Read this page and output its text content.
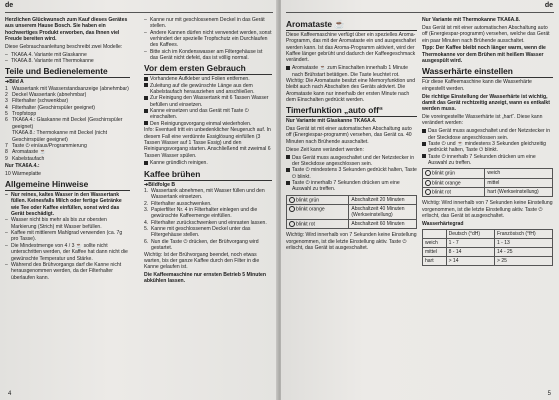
de

Herzlichen Glückwunsch zum Kauf dieses Gerätes aus unserem Hause Bosch. Sie haben ein hochwertiges Produkt erworben, das Ihnen viel Freude bereiten wird.

Diese Gebrauchsanleitung beschreibt zwei Modelle:

– TKA6A.4. Variante mit Glaskanne
– TKA6A.8. Variante mit Thermokanne
Teile und Bedienelemente
➔Bild A
1 Wassertank mit Wasserstandsanzeige (abnehmbar)
2 Deckel Wassertank (abnehmbar)
3 Filterhalter (schwenkbar)
4 Filterhalter (Geschirrspüler geeignet)
5 Tropfstopp
6 TKA6A.4.: Glaskanne mit Deckel (Geschirrspüler geeignet)
TKA6A.8.: Thermokanne mit Deckel (nicht Geschirrspüler geeignet)
7 Taste ⏻ ein/aus/Programmierung
8 Aromataste ☕
9 Kabelstaufach

Nur TKA6A.4.:

10 Wärmeplatte

Allgemeine Hinweise
– Nur reines, kaltes Wasser in den Wassertank füllen. Keinesfalls Milch oder fertige Getränke wie Tee oder Kaffee einfüllen, sonst wird das Gerät beschädigt.
– Wasser nicht bis mehr als bis zur obersten Markierung (Strich) mit Wasser befüllen.
– Kaffee mit mittlerem Mahlgrad verwenden (ca. 7g pro Tasse).
– Die Mindestmenge von 4 / 3 ☕ sollte nicht unterschritten werden, der Kaffee hat dann nicht die gewünschte Temperatur und Stärke.
– Während des Brühvorgangs darf die Kanne nicht herausgenommen werden, da der Filterhalter überlaufen kann.
– Kanne nur mit geschlossenem Deckel in das Gerät stellen.
– Andere Kannen dürfen nicht verwendet werden, sonst verhindert der spezielle Tropfschutz ein Durchlaufen des Kaffees.
– Bitte sich im Kondenswasser am Filtergehäuse ist das Gerät nicht defekt, das ist völlig normal.
Vor dem ersten Gebrauch
Vorhandene Aufkleber und Folien entfernen.
Zuleitung auf die gewünschte Länge aus dem Kabelstaufach herausziehen und anschließen.
Zur Reinigung den Wassertank mit 6 Tassen Wasser befüllen und einsetzen.
Kanne einsetzen und das Gerät mit Taste ⏻ einschalten.
Den Reinigungsvorgang einmal wiederholen.

Info: Eventuell tritt ein unbedenklicher Neugeruch auf. In diesem Fall eine verdünnte Essiglösung einfüllen (3 Tassen Wasser auf 1 Tasse Essig) und den Reinigungsvorgang starten. Anschließend mit zweimal 6 Tassen Wasser spülen.

Kanne gründlich reinigen.
Kaffee brühen
➔Bildfolge B
1. Wassertank abnehmen, mit Wasser füllen und den Wassertank einsetzen.
2. Filterhalter ausschwenken.
3. Papierfilter Nr. 4 in Filterhalter einlegen und die gewünschte Kaffeemenge einfüllen.
4. Filterhalter zurückschwenken und einrasten lassen.
5. Kanne mit geschlossenem Deckel unter das Filtergehäuse stellen.
6. Nun die Taste ⏻ drücken, der Brühvorgang wird gestartet.

Wichtig: Ist der Brühvorgang beendet, noch etwas warten, bis der ganze Kaffee durch den Filter in die Kanne gelaufen ist.

Die Kaffeemaschine nur ernsten Betrieb 5 Minuten abkühlen lassen.

4
de
Aromataste ☕

Diese Kaffeemaschine verfügt über ein spezielles Aroma-Programm, das mit der Aromataste ein und ausgeschaltet werden kann. Ist das Aroma-Programm aktiviert, wird der Kaffee länger gebrüht und dadurch der Kaffeegeschmack verändert.

Aromataste ☕ zum Einschalten innerhalb 1 Minute nach Brühstart betätigen. Die Taste leuchtet rot.

Wichtig: Die Aromataste besitzt eine Memoryfunktion und bleibt auch nach Abschalten des Geräts aktiviert. Die Aromataste kann nur innerhalb der ersten Minute nach dem Einschalten gedrückt werden.

Timerfunktion „auto off“

Nur Variante mit Glaskanne TKA6A.4.

Das Gerät ist mit einer automatischen Abschaltung auto off (Energiespar-programm) versehen, das Gerät ca. 40 Minuten nach Brühende ausschaltet.

Diese Zeit kann verändert werden:

Das Gerät muss ausgeschaltet und der Netzstecker in der Steckdose angeschlossen sein.
Taste ⏻ mindestens 3 Sekunden gedrückt halten, Taste ⏻ blinkt.
Taste ⏻ innerhalb 7 Sekunden drücken um eine Auswahl zu treffen.
blinkt grün	Abschaltzeit 20 Minuten
blinkt orange	Abschaltzeit 40 Minuten (Werkseinstellung)
blinkt rot	Abschaltzeit 60 Minuten

Wichtig: Wird innerhalb von 7 Sekunden keine Einstellung vorgenommen, ist die letzte Einstellung aktiv. Taste ⏻ erlischt, das Gerät ist ausgeschaltet.

Nur Variante mit Thermokanne TKA6A.8.

Das Gerät ist mit einer automatischen Abschaltung auto off (Energiespar-programm) versehen, welche das Gerät ein paar Minuten nach Brühende ausschaltet.

Tipp: Der Kaffee bleibt noch länger warm, wenn die Thermokanne vor dem Brühen mit heißem Wasser ausgespült wird.

Wasserhärte einstellen

Für diese Kaffeemaschine kann die Wasserhärte eingestellt werden.

Die richtige Einstellung der Wasserhärte ist wichtig, damit das Gerät rechtzeitig anzeigt, wann es entkalkt werden muss.

Die voreingestellte Wasserhärte ist „hart“. Diese kann verändert werden:

Das Gerät muss ausgeschaltet und der Netzstecker in der Steckdose angeschlossen sein.
Taste ⏻ und ☕ mindestens 3 Sekunden gleichzeitig gedrückt halten, Taste ⏻ blinkt.
Taste ⏻ innerhalb 7 Sekunden drücken um eine Auswahl zu treffen.
blinkt grün	weich
blinkt orange	mittel
blinkt rot	hart (Werkseinstellung)

Wichtig: Wird innerhalb von 7 Sekunden keine Einstellung vorgenommen, ist die letzte Einstellung aktiv. Taste ⏻ erlischt, das Gerät ist ausgeschaltet.

Wasserhärtegrad

	Deutsch (°dH)	Französisch (°fH)
weich	1 - 7	1 - 13
mittel	8 - 14	14 - 25
hart	> 14	> 25
5
